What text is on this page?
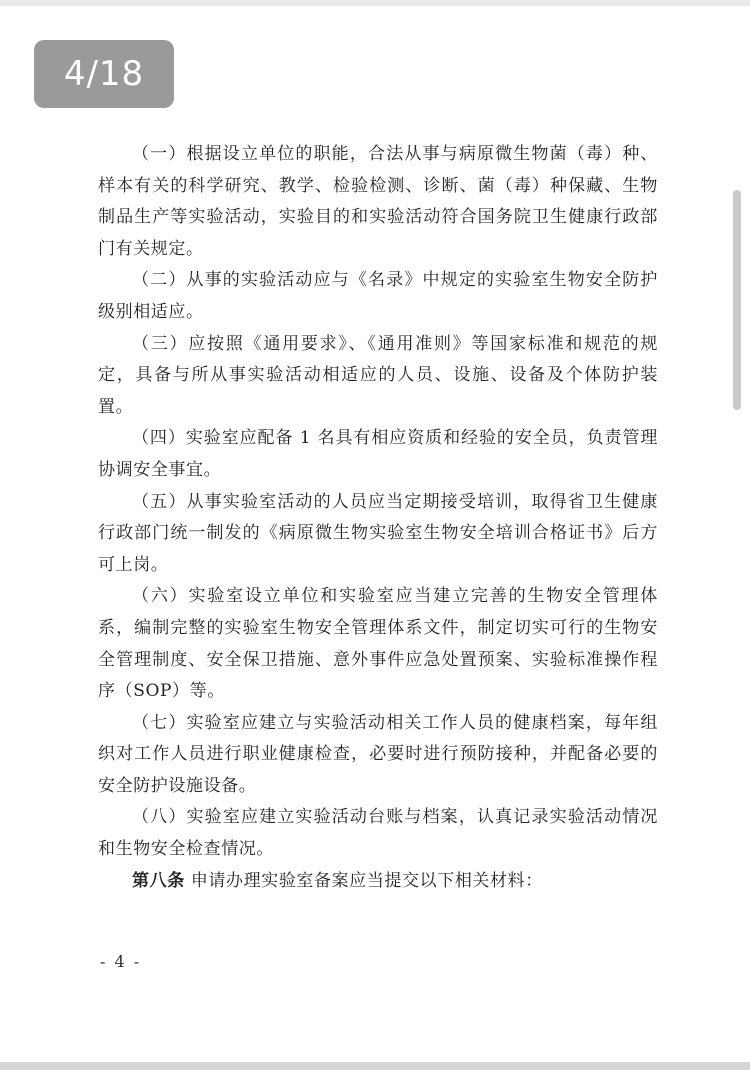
4/18

（一）根据设立单位的职能，合法从事与病原微生物菌（毒）种、样本有关的科学研究、教学、检验检测、诊断、菌（毒）种保藏、生物制品生产等实验活动，实验目的和实验活动符合国务院卫生健康行政部门有关规定。

（二）从事的实验活动应与《名录》中规定的实验室生物安全防护级别相适应。

（三）应按照《通用要求》、《通用准则》等国家标准和规范的规定，具备与所从事实验活动相适应的人员、设施、设备及个体防护装置。

（四）实验室应配备 1 名具有相应资质和经验的安全员，负责管理协调安全事宜。

（五）从事实验室活动的人员应当定期接受培训，取得省卫生健康行政部门统一制发的《病原微生物实验室生物安全培训合格证书》后方可上岗。

（六）实验室设立单位和实验室应当建立完善的生物安全管理体系，编制完整的实验室生物安全管理体系文件，制定切实可行的生物安全管理制度、安全保卫措施、意外事件应急处置预案、实验标准操作程序（SOP）等。

（七）实验室应建立与实验活动相关工作人员的健康档案，每年组织对工作人员进行职业健康检查，必要时进行预防接种，并配备必要的安全防护设施设备。

（八）实验室应建立实验活动台账与档案，认真记录实验活动情况和生物安全检查情况。

第八条 申请办理实验室备案应当提交以下相关材料：

- 4 -
